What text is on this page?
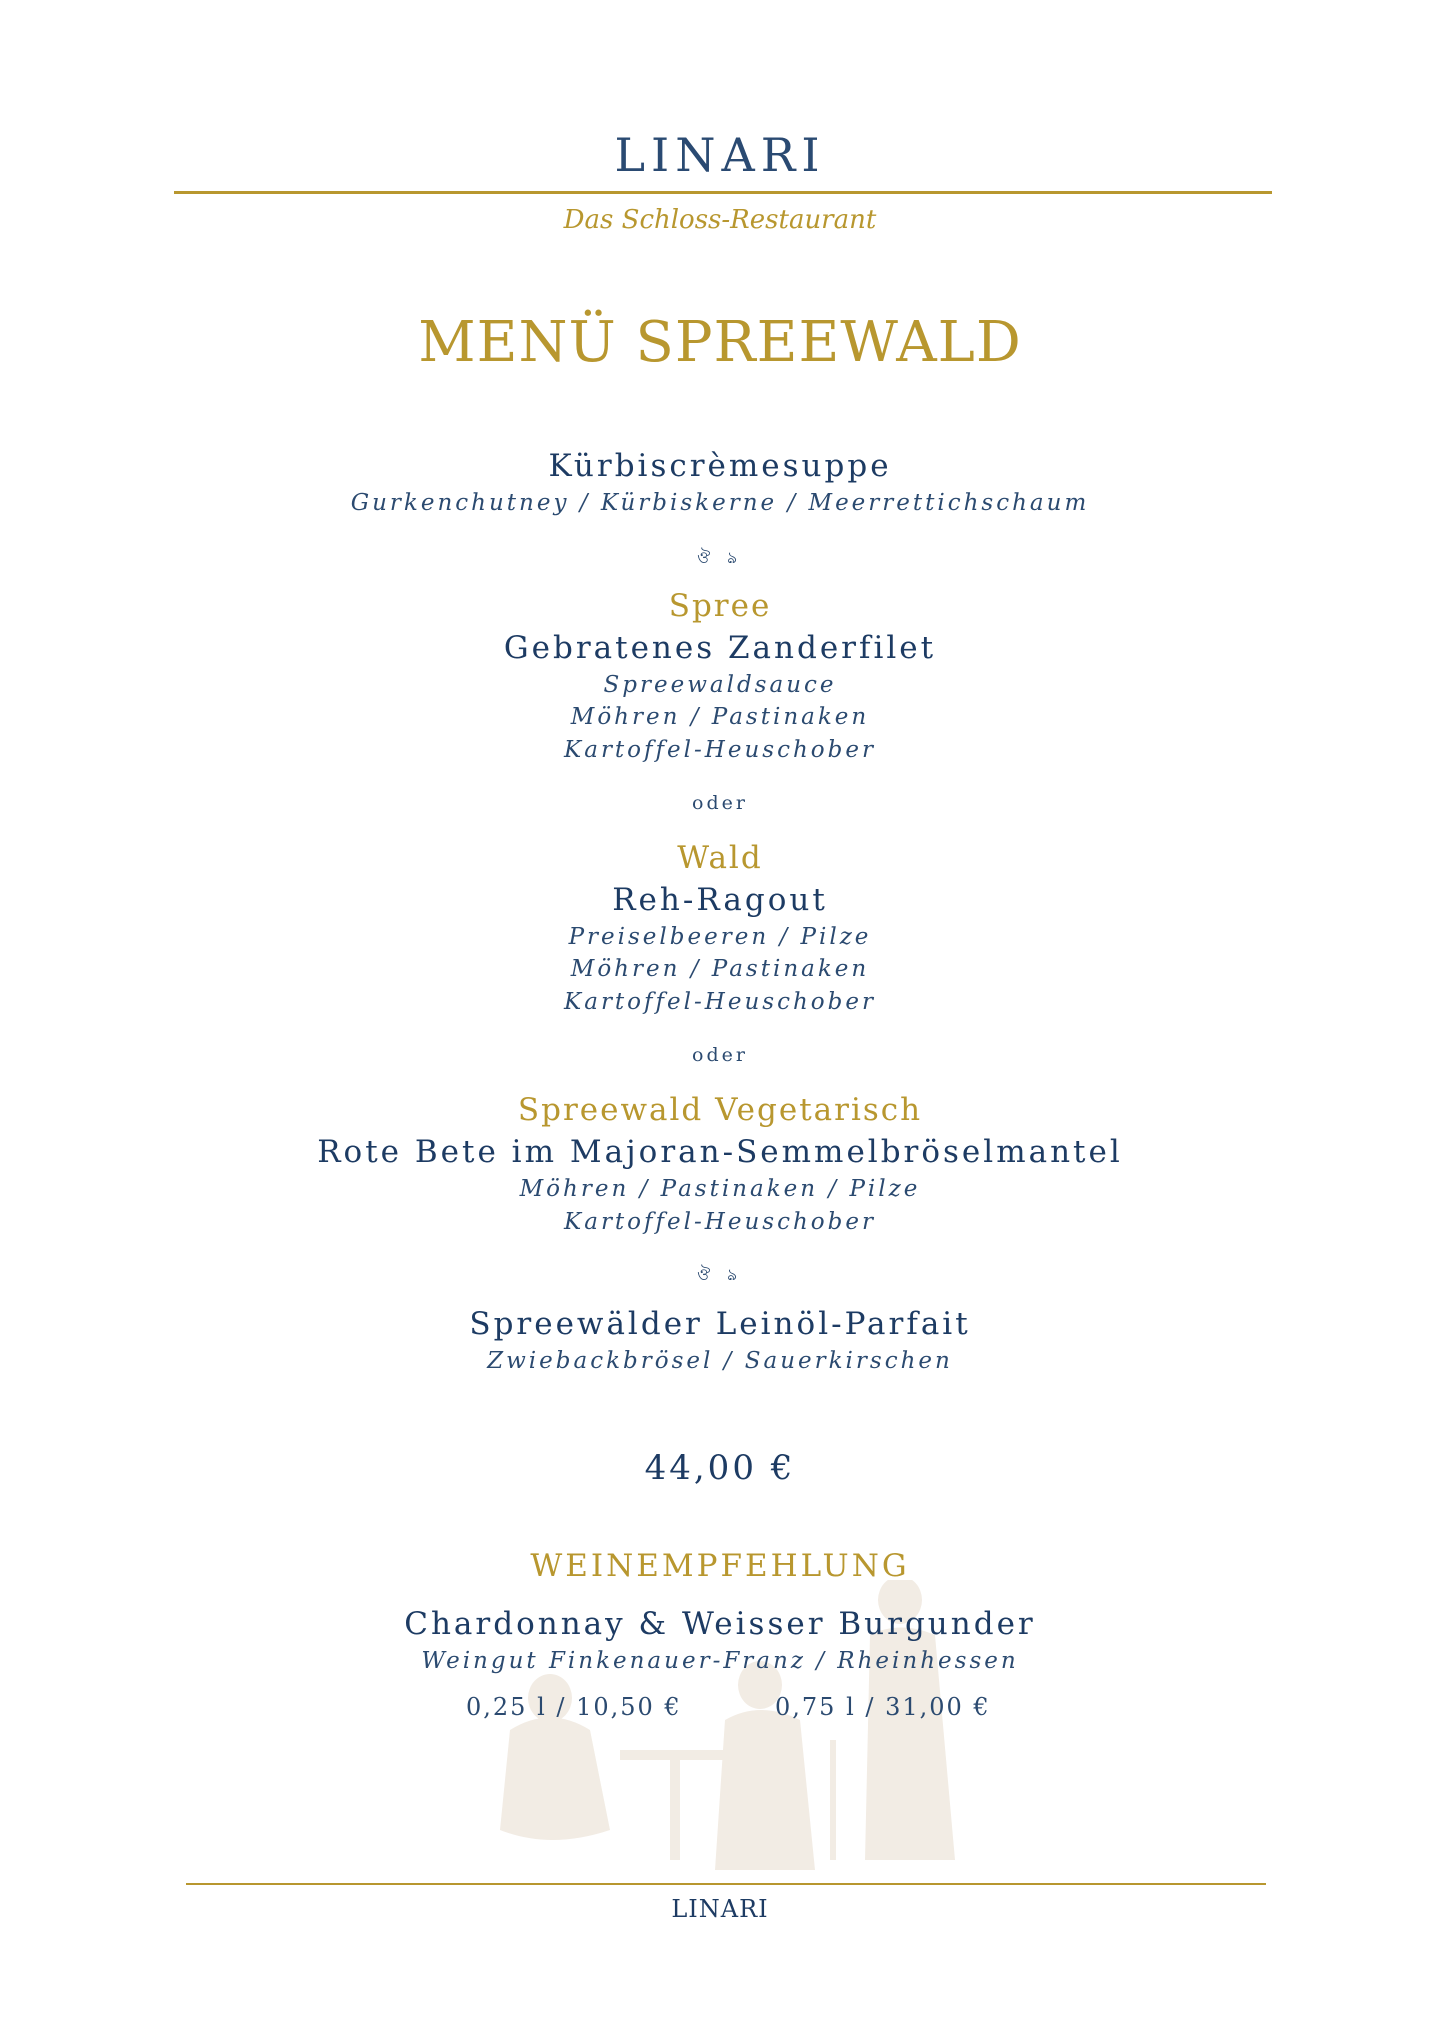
LINARI
Das Schloss-Restaurant
MENÜ SPREEWALD
Kürbiscrèmesuppe
Gurkenchutney / Kürbiskerne / Meerrettichschaum
ঔ ঌ
Spree
Gebratenes Zanderfilet
Spreewaldsauce
Möhren / Pastinaken
Kartoffel-Heuschober
oder
Wald
Reh-Ragout
Preiselbeeren / Pilze
Möhren / Pastinaken
Kartoffel-Heuschober
oder
Spreewald Vegetarisch
Rote Bete im Majoran-Semmelbröselmantel
Möhren / Pastinaken / Pilze
Kartoffel-Heuschober
ঔ ঌ
Spreewälder Leinöl-Parfait
Zwiebackbrösel / Sauerkirschen
44,00 €
WEINEMPFEHLUNG
Chardonnay & Weisser Burgunder
Weingut Finkenauer-Franz / Rheinhessen
0,25 l / 10,50 €	0,75 l / 31,00 €
LINARI
